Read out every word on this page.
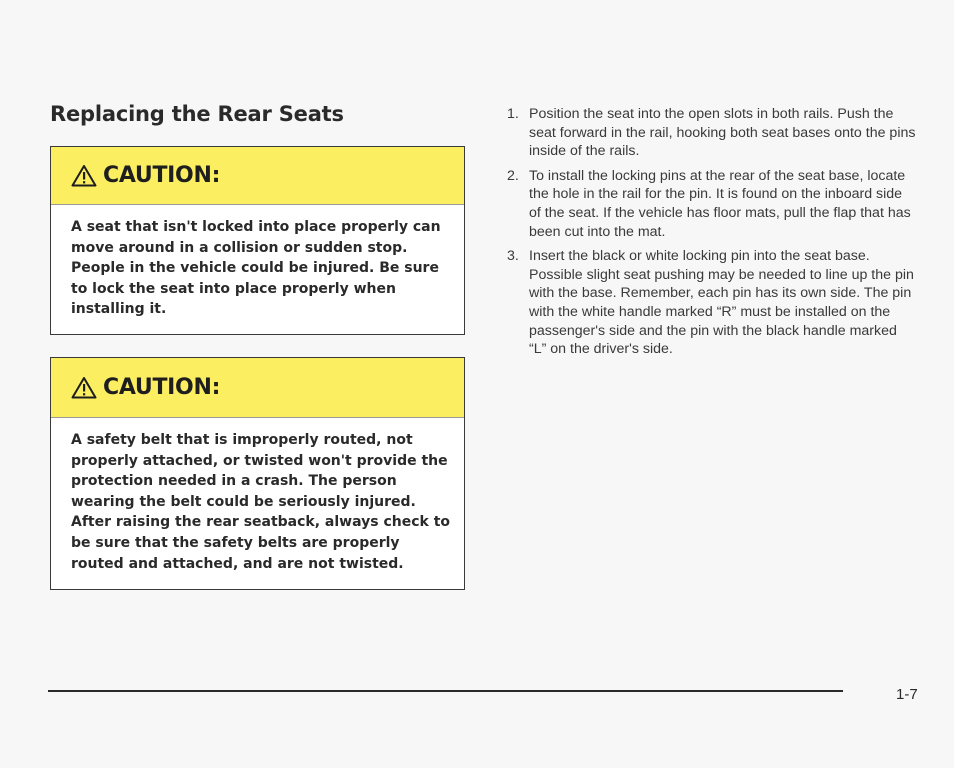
Replacing the Rear Seats
CAUTION:

A seat that isn't locked into place properly can move around in a collision or sudden stop. People in the vehicle could be injured. Be sure to lock the seat into place properly when installing it.

CAUTION:

A safety belt that is improperly routed, not properly attached, or twisted won't provide the protection needed in a crash. The person wearing the belt could be seriously injured. After raising the rear seatback, always check to be sure that the safety belts are properly routed and attached, and are not twisted.

1. Position the seat into the open slots in both rails. Push the seat forward in the rail, hooking both seat bases onto the pins inside of the rails.
2. To install the locking pins at the rear of the seat base, locate the hole in the rail for the pin. It is found on the inboard side of the seat. If the vehicle has floor mats, pull the flap that has been cut into the mat.
3. Insert the black or white locking pin into the seat base. Possible slight seat pushing may be needed to line up the pin with the base. Remember, each pin has its own side. The pin with the white handle marked “R” must be installed on the passenger's side and the pin with the black handle marked “L” on the driver's side.
1-7
